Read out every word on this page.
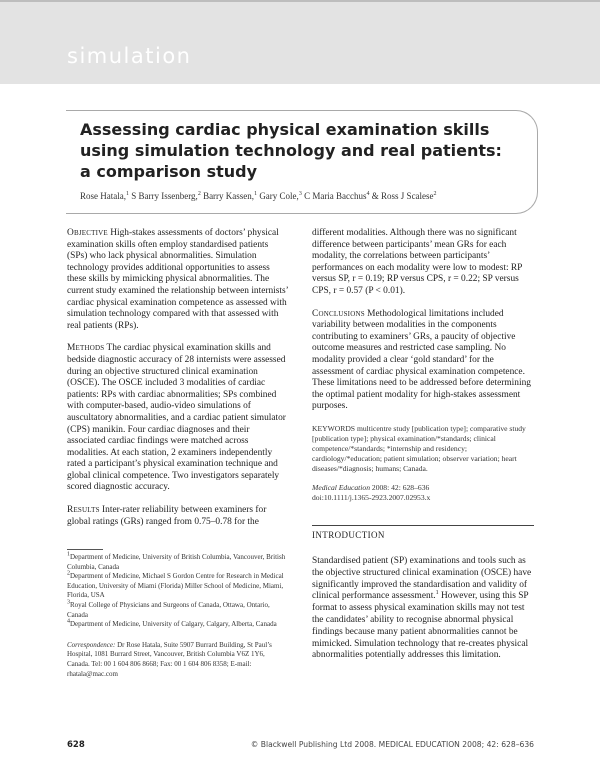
simulation
Assessing cardiac physical examination skills
using simulation technology and real patients:
a comparison study
Rose Hatala,$^1$ S Barry Issenberg,$^2$ Barry Kassen,$^1$ Gary Cole,$^3$ C Maria Bacchus$^4$ & Ross J Scalese$^2$

Objective High-stakes assessments of doctors’ physical examination skills often employ standardised patients (SPs) who lack physical abnormalities. Simulation technology provides additional opportunities to assess these skills by mimicking physical abnormalities. The current study examined the relationship between internists’ cardiac physical examination competence as assessed with simulation technology compared with that assessed with real patients (RPs).

Methods The cardiac physical examination skills and bedside diagnostic accuracy of 28 internists were assessed during an objective structured clinical examination (OSCE). The OSCE included 3 modalities of cardiac patients: RPs with cardiac abnormalities; SPs combined with computer-based, audio-video simulations of auscultatory abnormalities, and a cardiac patient simulator (CPS) manikin. Four cardiac diagnoses and their associated cardiac findings were matched across modalities. At each station, 2 examiners independently rated a participant’s physical examination technique and global clinical competence. Two investigators separately scored diagnostic accuracy.

Results Inter-rater reliability between examiners for global ratings (GRs) ranged from 0.75–0.78 for the

different modalities. Although there was no significant difference between participants’ mean GRs for each modality, the correlations between participants’ performances on each modality were low to modest: RP versus SP, r = 0.19; RP versus CPS, r = 0.22; SP versus CPS, r = 0.57 (P < 0.01).

Conclusions Methodological limitations included variability between modalities in the components contributing to examiners’ GRs, a paucity of objective outcome measures and restricted case sampling. No modality provided a clear ‘gold standard’ for the assessment of cardiac physical examination competence. These limitations need to be addressed before determining the optimal patient modality for high-stakes assessment purposes.

KEYWORDS multicentre study [publication type]; comparative study [publication type]; physical examination/*standards; clinical competence/*standards; *internship and residency; cardiology/*education; patient simulation; observer variation; heart diseases/*diagnosis; humans; Canada.
Medical Education 2008: 42: 628–636
doi:10.1111/j.1365-2923.2007.02953.x
$^1$Department of Medicine, University of British Columbia, Vancouver, British Columbia, Canada
$^2$Department of Medicine, Michael S Gordon Centre for Research in Medical Education, University of Miami (Florida) Miller School of Medicine, Miami, Florida, USA
$^3$Royal College of Physicians and Surgeons of Canada, Ottawa, Ontario, Canada
$^4$Department of Medicine, University of Calgary, Calgary, Alberta, Canada
Correspondence: Dr Rose Hatala, Suite 5907 Burrard Building, St Paul’s Hospital, 1081 Burrard Street, Vancouver, British Columbia V6Z 1Y6, Canada. Tel: 00 1 604 806 8668; Fax: 00 1 604 806 8358; E-mail: rhatala@mac.com
INTRODUCTION
Standardised patient (SP) examinations and tools such as the objective structured clinical examination (OSCE) have significantly improved the standardisation and validity of clinical performance assessment.$^1$ However, using this SP format to assess physical examination skills may not test the candidates’ ability to recognise abnormal physical findings because many patient abnormalities cannot be mimicked. Simulation technology that re-creates physical abnormalities potentially addresses this limitation.
628	© Blackwell Publishing Ltd 2008. MEDICAL EDUCATION 2008; 42: 628–636
